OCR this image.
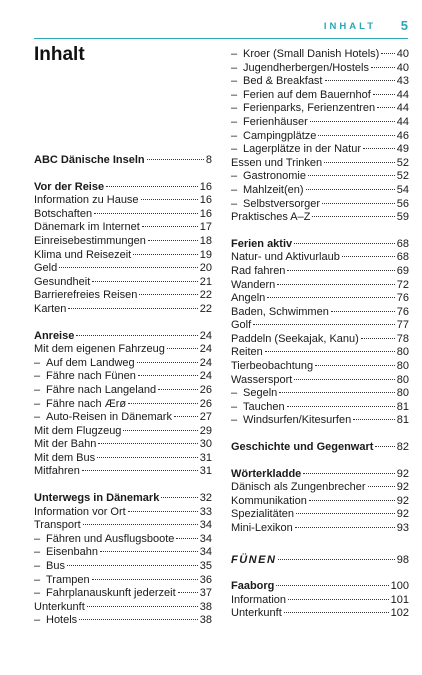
INHALT 5
Inhalt
ABC Dänische Inseln	8
Vor der Reise	16
Information zu Hause	16
Botschaften	16
Dänemark im Internet	17
Einreisebestimmungen	18
Klima und Reisezeit	19
Geld	20
Gesundheit	21
Barrierefreies Reisen	22
Karten	22
Anreise	24
Mit dem eigenen Fahrzeug	24
– Auf dem Landweg	24
– Fähre nach Fünen	24
– Fähre nach Langeland	26
– Fähre nach Ærø	26
– Auto-Reisen in Dänemark	27
Mit dem Flugzeug	29
Mit der Bahn	30
Mit dem Bus	31
Mitfahren	31
Unterwegs in Dänemark	32
Information vor Ort	33
Transport	34
– Fähren und Ausflugsboote 34
– Eisenbahn	34
– Bus	35
– Trampen	36
– Fahrplanauskunft jederzeit 37
Unterkunft	38
– Hotels	38
– Kroer (Small Danish Hotels) 40
– Jugendherbergen/Hostels	40
– Bed & Breakfast	43
– Ferien auf dem Bauernhof 44
– Ferienparks, Ferienzentren 44
– Ferienhäuser	44
– Campingplätze	46
– Lagerplätze in der Natur	49
Essen und Trinken	52
– Gastronomie	52
– Mahlzeit(en)	54
– Selbstversorger	56
Praktisches A–Z	59
Ferien aktiv	68
Natur- und Aktivurlaub	68
Rad fahren	69
Wandern	72
Angeln	76
Baden, Schwimmen	76
Golf	77
Paddeln (Seekajak, Kanu)	78
Reiten	80
Tierbeobachtung	80
Wassersport	80
– Segeln	80
– Tauchen	81
– Windsurfen/Kitesurfen	81
Geschichte und Gegenwart 82
Wörterkladde	92
Dänisch als Zungenbrecher	92
Kommunikation	92
Spezialitäten	92
Mini-Lexikon	93
FÜNEN	98
Faaborg	100
Information	101
Unterkunft	102
